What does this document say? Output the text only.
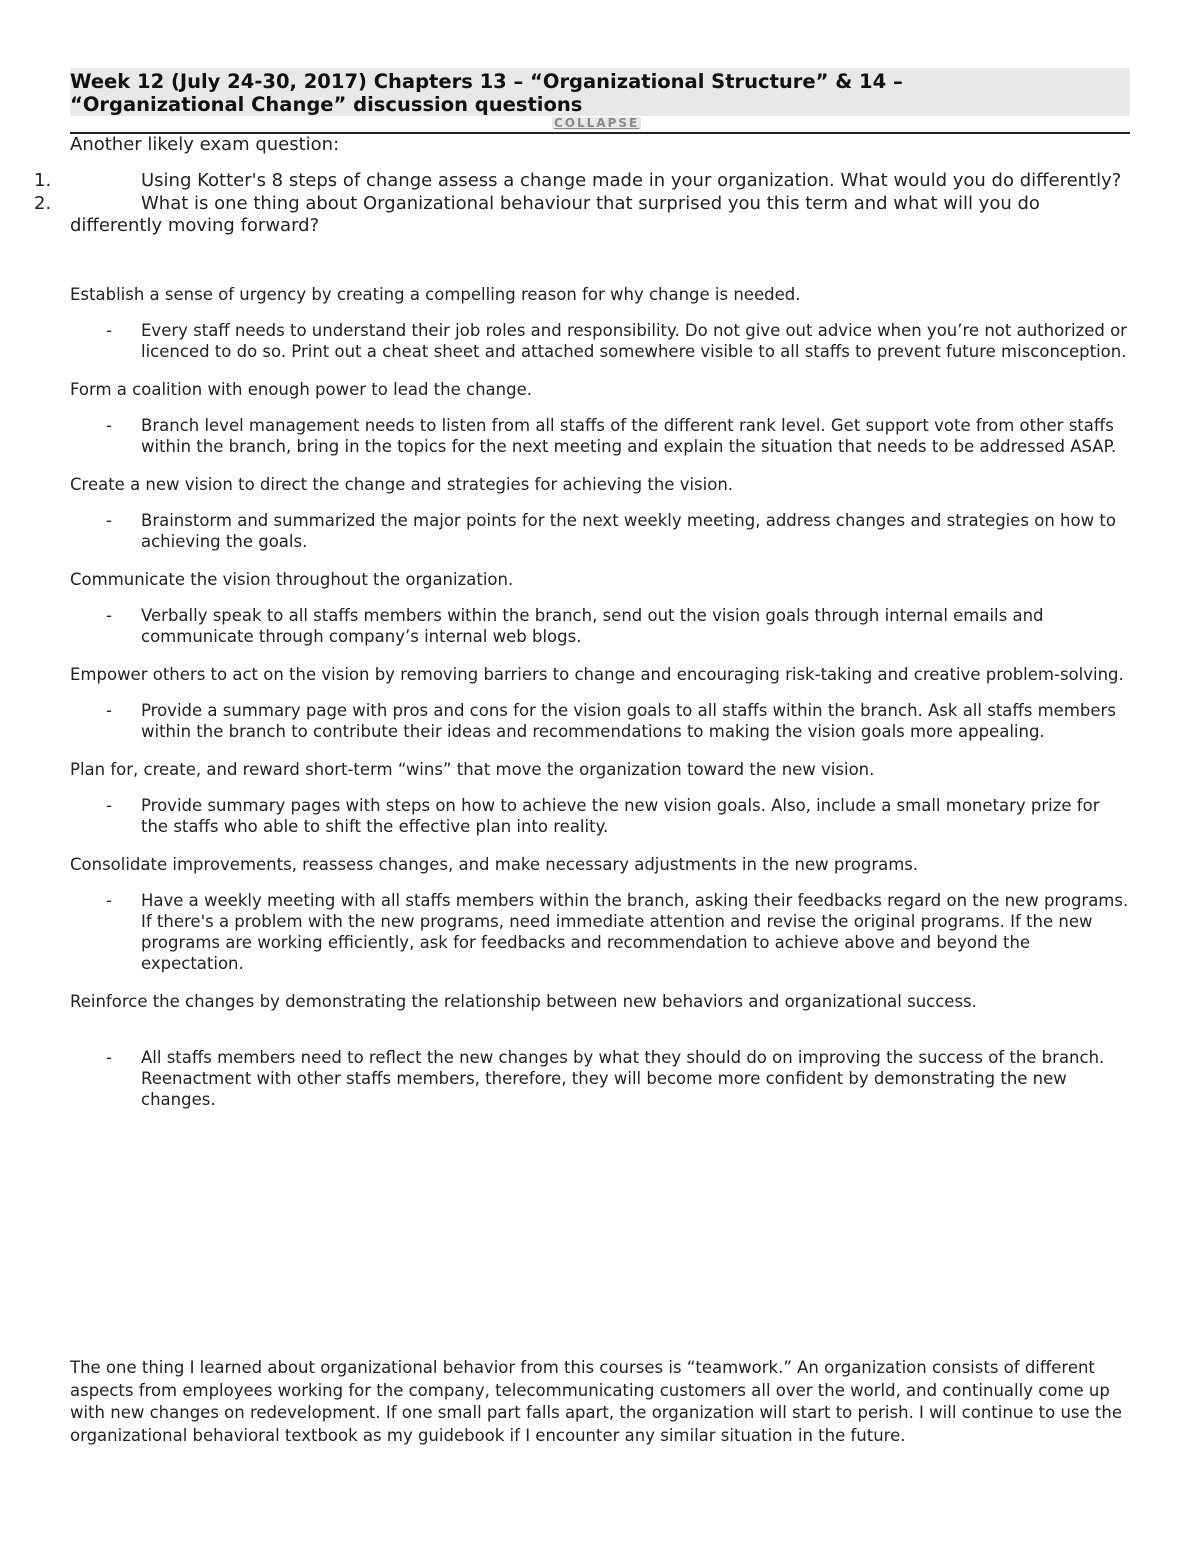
Week 12 (July 24-30, 2017) Chapters 13 – “Organizational Structure” & 14 –
“Organizational Change” discussion questions
COLLAPSE

Another likely exam question:

1.	Using Kotter's 8 steps of change assess a change made in your organization. What would you do differently?
2.	What is one thing about Organizational behaviour that surprised you this term and what will you do differently moving forward?

Establish a sense of urgency by creating a compelling reason for why change is needed.

- Every staff needs to understand their job roles and responsibility. Do not give out advice when you’re not authorized or licenced to do so. Print out a cheat sheet and attached somewhere visible to all staffs to prevent future misconception.

Form a coalition with enough power to lead the change.

- Branch level management needs to listen from all staffs of the different rank level. Get support vote from other staffs within the branch, bring in the topics for the next meeting and explain the situation that needs to be addressed ASAP.

Create a new vision to direct the change and strategies for achieving the vision.

- Brainstorm and summarized the major points for the next weekly meeting, address changes and strategies on how to achieving the goals.

Communicate the vision throughout the organization.

- Verbally speak to all staffs members within the branch, send out the vision goals through internal emails and communicate through company’s internal web blogs.

Empower others to act on the vision by removing barriers to change and encouraging risk-taking and creative problem-solving.

- Provide a summary page with pros and cons for the vision goals to all staffs within the branch. Ask all staffs members within the branch to contribute their ideas and recommendations to making the vision goals more appealing.

Plan for, create, and reward short-term “wins” that move the organization toward the new vision.

- Provide summary pages with steps on how to achieve the new vision goals. Also, include a small monetary prize for the staffs who able to shift the effective plan into reality.

Consolidate improvements, reassess changes, and make necessary adjustments in the new programs.

- Have a weekly meeting with all staffs members within the branch, asking their feedbacks regard on the new programs. If there's a problem with the new programs, need immediate attention and revise the original programs. If the new programs are working efficiently, ask for feedbacks and recommendation to achieve above and beyond the expectation.

Reinforce the changes by demonstrating the relationship between new behaviors and organizational success.

- All staffs members need to reflect the new changes by what they should do on improving the success of the branch. Reenactment with other staffs members, therefore, they will become more confident by demonstrating the new changes.

The one thing I learned about organizational behavior from this courses is “teamwork.” An organization consists of different aspects from employees working for the company, telecommunicating customers all over the world, and continually come up with new changes on redevelopment. If one small part falls apart, the organization will start to perish. I will continue to use the organizational behavioral textbook as my guidebook if I encounter any similar situation in the future.
